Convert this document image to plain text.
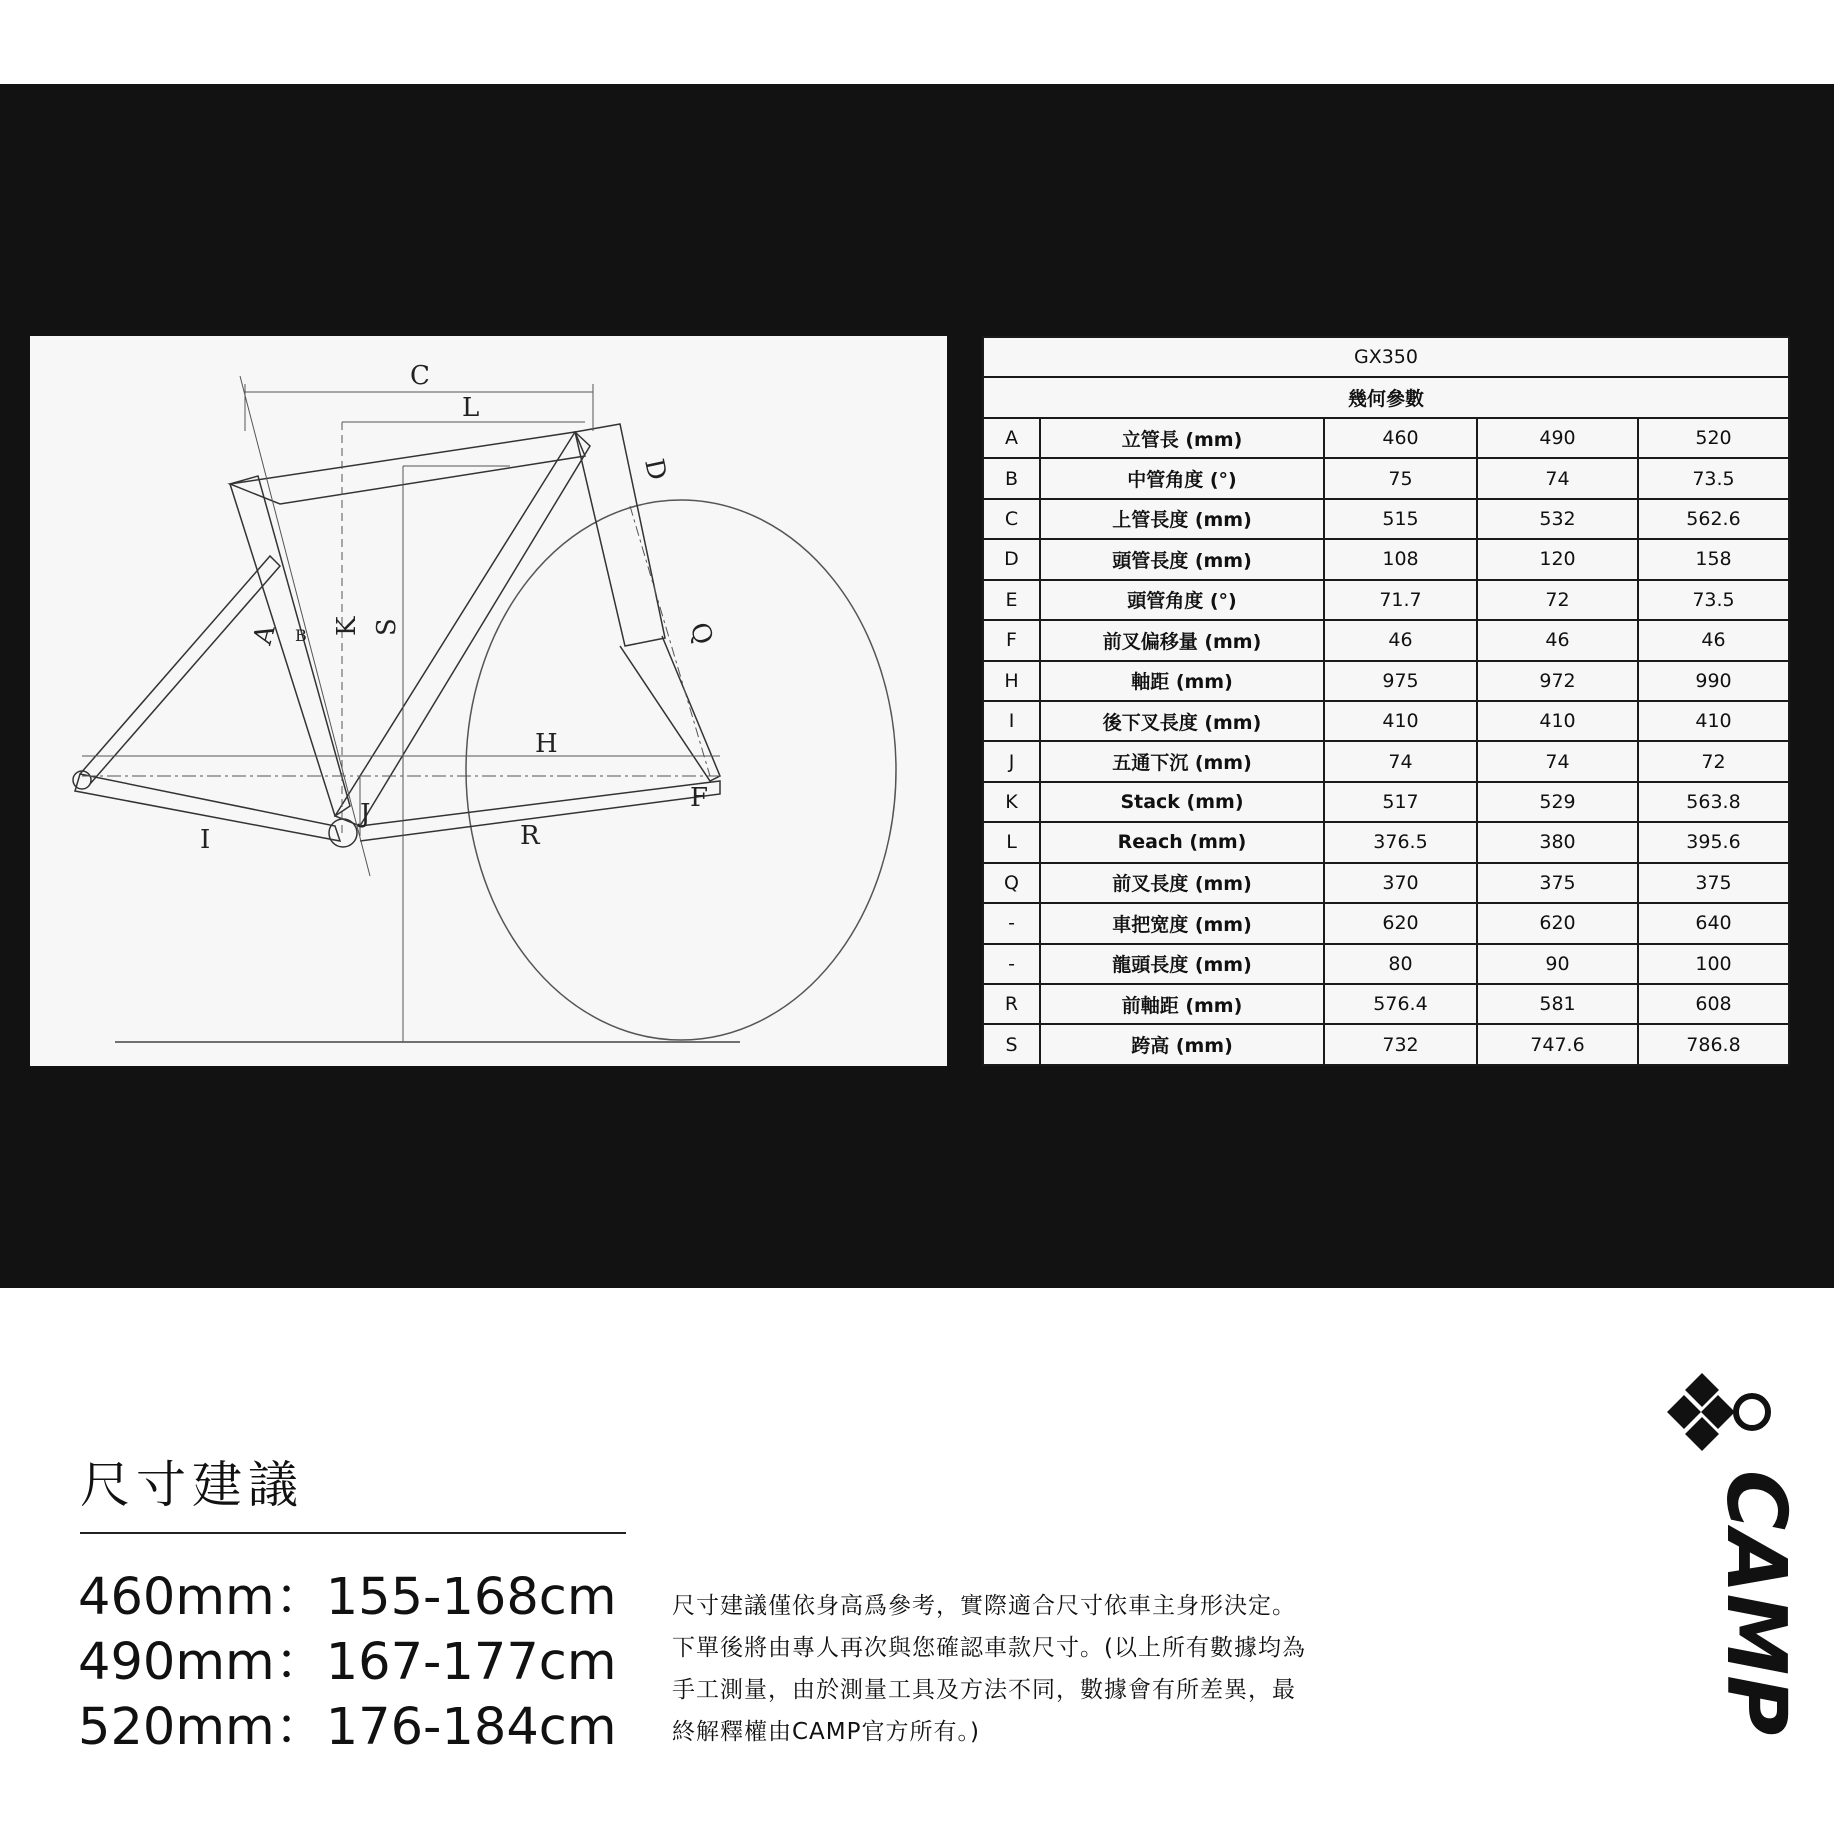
C
L
D
K S	Q
H
J
I	R
F
A B
GX350				
幾何參數				
A	立管長 (mm)	460	490	520
B	中管角度 (°)	75	74	73.5
C	上管長度 (mm)	515	532	562.6
D	頭管長度 (mm)	108	120	158
E	頭管角度 (°)	71.7	72	73.5
F	前叉偏移量 (mm)	46	46	46
H	軸距 (mm)	975	972	990
I	後下叉長度 (mm)	410	410	410
J	五通下沉 (mm)	74	74	72
K	Stack (mm)	517	529	563.8
L	Reach (mm)	376.5	380	395.6
Q	前叉長度 (mm)	370	375	375
-	車把宽度 (mm)	620	620	640
-	龍頭長度 (mm)	80	90	100
R	前軸距 (mm)	576.4	581	608
S	跨高 (mm)	732	747.6	786.8
尺寸建議
460mm：155-168cm
490mm：167-177cm
520mm：176-184cm
尺寸建議僅依身高爲參考，實際適合尺寸依車主身形決定。下單後將由專人再次與您確認車款尺寸。(以上所有數據均為手工測量，由於測量工具及方法不同，數據會有所差異，最終解釋權由CAMP官方所有。)	CAMP
